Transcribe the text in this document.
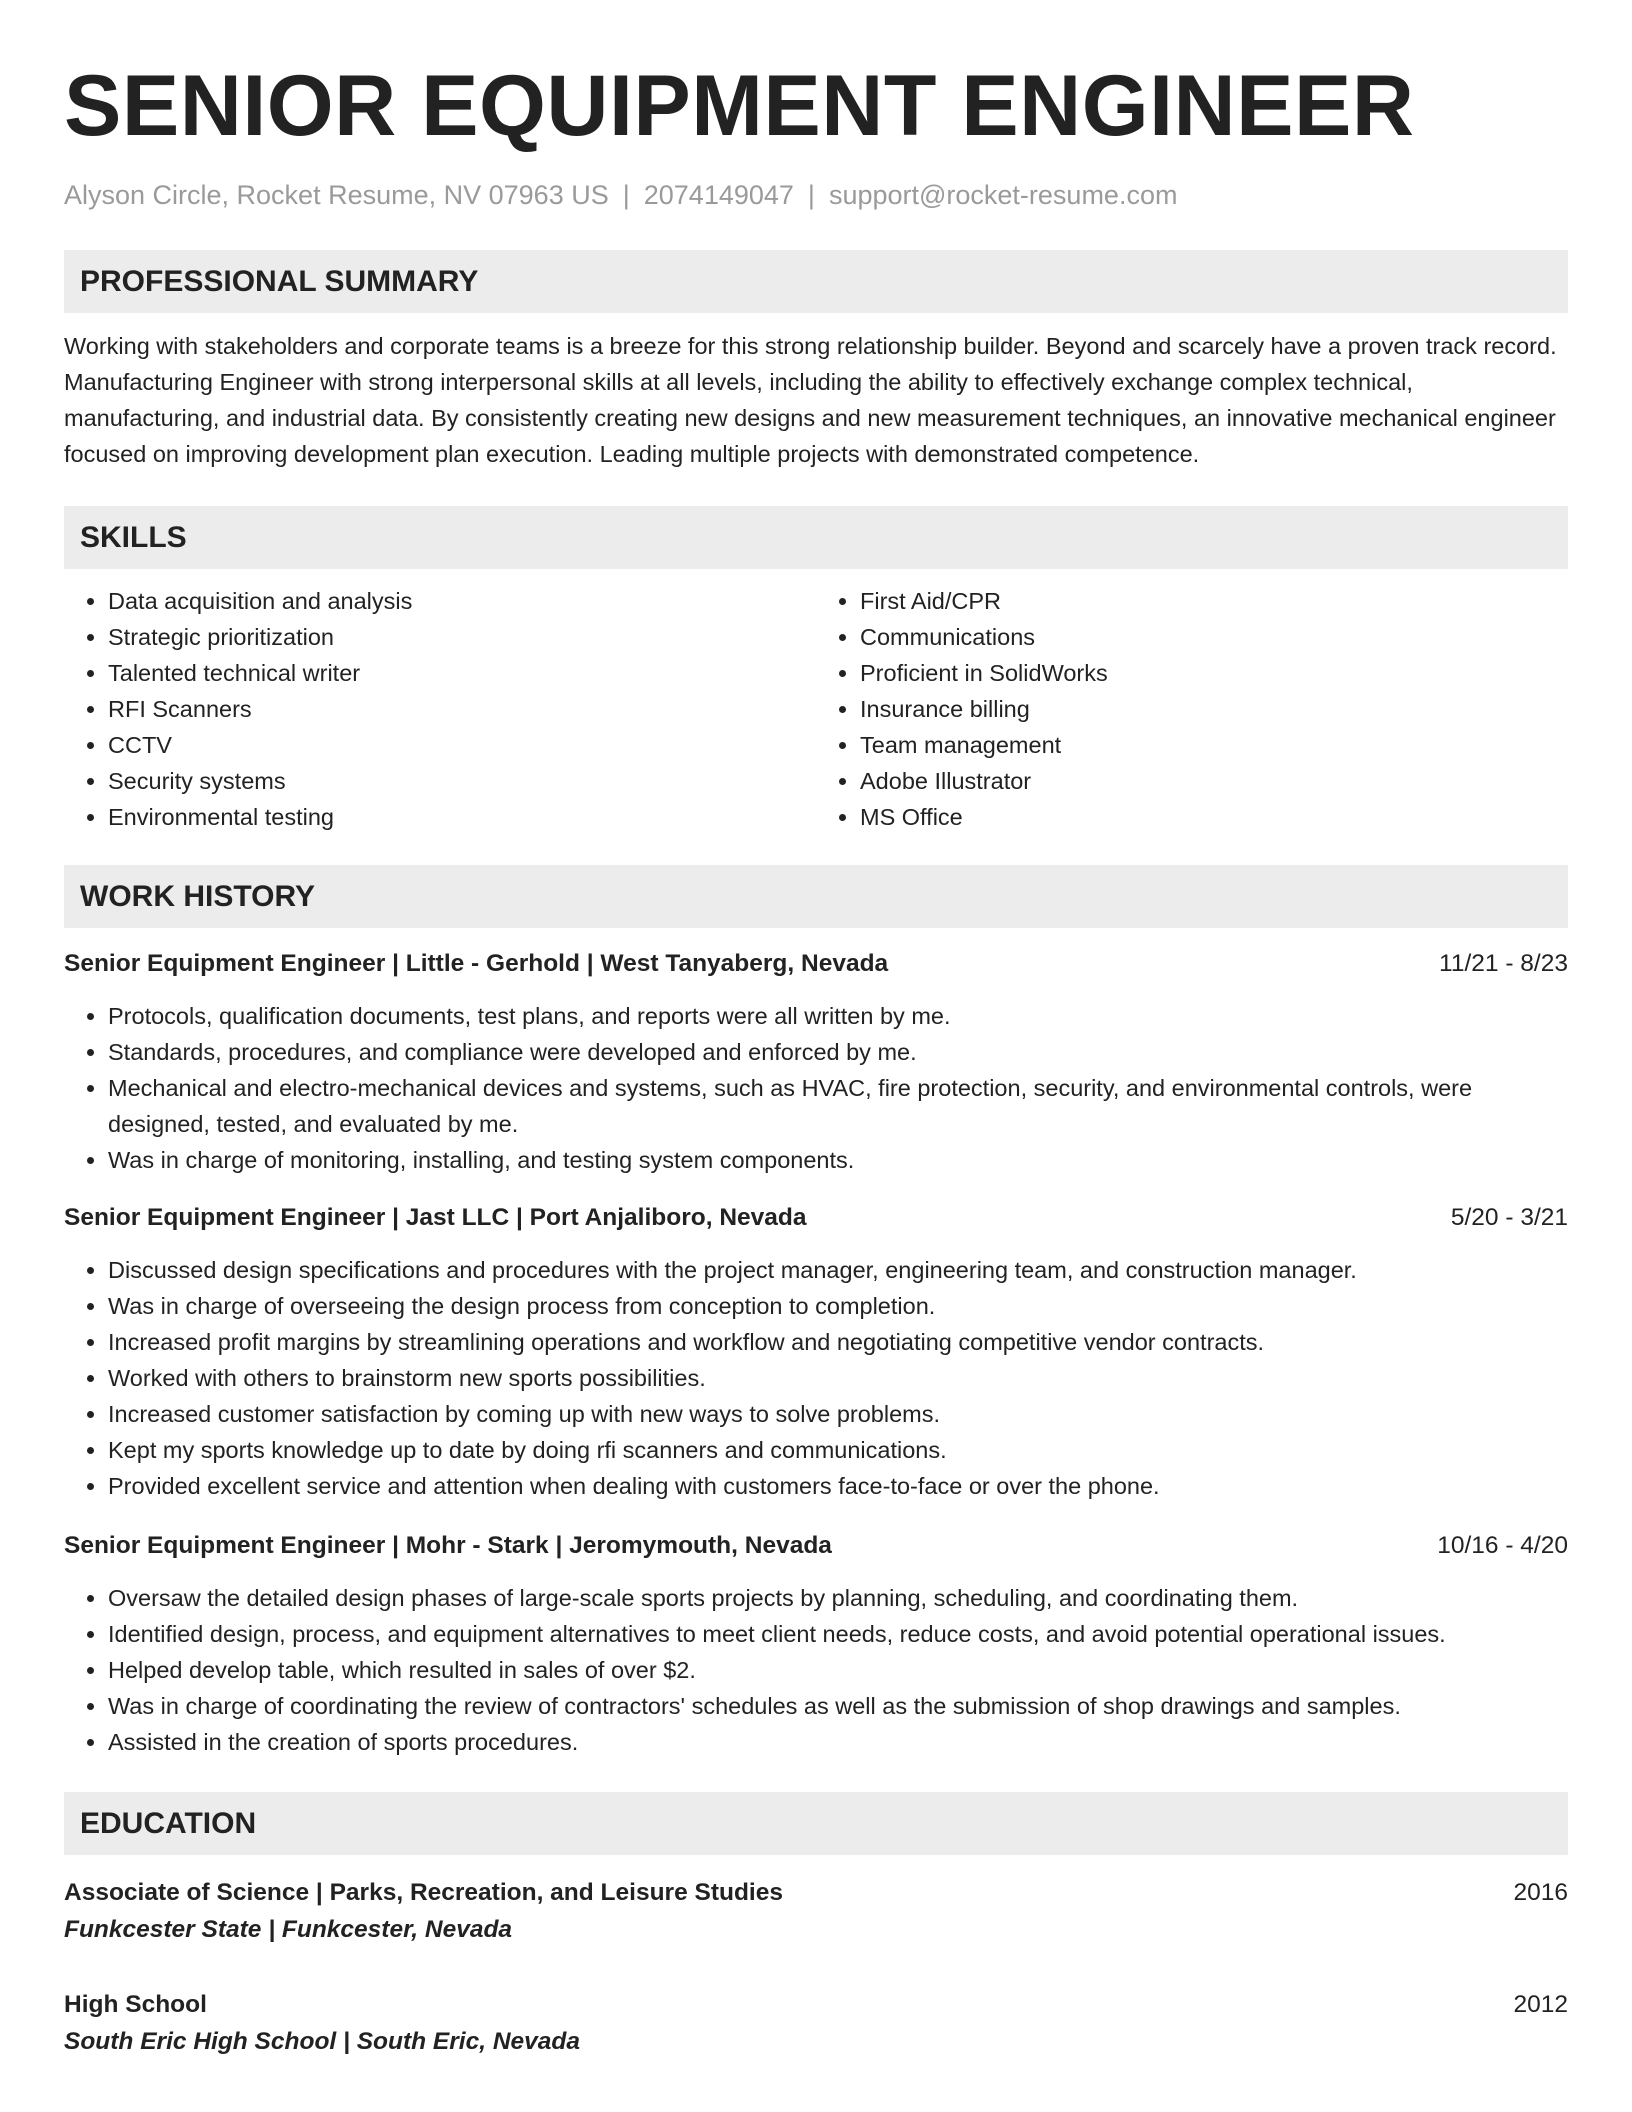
SENIOR EQUIPMENT ENGINEER
Alyson Circle, Rocket Resume, NV 07963 US | 2074149047 | support@rocket-resume.com
PROFESSIONAL SUMMARY
Working with stakeholders and corporate teams is a breeze for this strong relationship builder. Beyond and scarcely have a proven track record. Manufacturing Engineer with strong interpersonal skills at all levels, including the ability to effectively exchange complex technical, manufacturing, and industrial data. By consistently creating new designs and new measurement techniques, an innovative mechanical engineer focused on improving development plan execution. Leading multiple projects with demonstrated competence.
SKILLS
• Data acquisition and analysis
• Strategic prioritization
• Talented technical writer
• RFI Scanners
• CCTV
• Security systems
• Environmental testing
• First Aid/CPR
• Communications
• Proficient in SolidWorks
• Insurance billing
• Team management
• Adobe Illustrator
• MS Office
WORK HISTORY
Senior Equipment Engineer | Little - Gerhold | West Tanyaberg, Nevada	11/21 - 8/23
• Protocols, qualification documents, test plans, and reports were all written by me.
• Standards, procedures, and compliance were developed and enforced by me.
• Mechanical and electro-mechanical devices and systems, such as HVAC, fire protection, security, and environmental controls, were designed, tested, and evaluated by me.
• Was in charge of monitoring, installing, and testing system components.
Senior Equipment Engineer | Jast LLC | Port Anjaliboro, Nevada	5/20 - 3/21
• Discussed design specifications and procedures with the project manager, engineering team, and construction manager.
• Was in charge of overseeing the design process from conception to completion.
• Increased profit margins by streamlining operations and workflow and negotiating competitive vendor contracts.
• Worked with others to brainstorm new sports possibilities.
• Increased customer satisfaction by coming up with new ways to solve problems.
• Kept my sports knowledge up to date by doing rfi scanners and communications.
• Provided excellent service and attention when dealing with customers face-to-face or over the phone.
Senior Equipment Engineer | Mohr - Stark | Jeromymouth, Nevada	10/16 - 4/20
• Oversaw the detailed design phases of large-scale sports projects by planning, scheduling, and coordinating them.
• Identified design, process, and equipment alternatives to meet client needs, reduce costs, and avoid potential operational issues.
• Helped develop table, which resulted in sales of over $2.
• Was in charge of coordinating the review of contractors' schedules as well as the submission of shop drawings and samples.
• Assisted in the creation of sports procedures.
EDUCATION
Associate of Science | Parks, Recreation, and Leisure Studies	2016
Funkcester State | Funkcester, Nevada
High School	2012
South Eric High School | South Eric, Nevada
